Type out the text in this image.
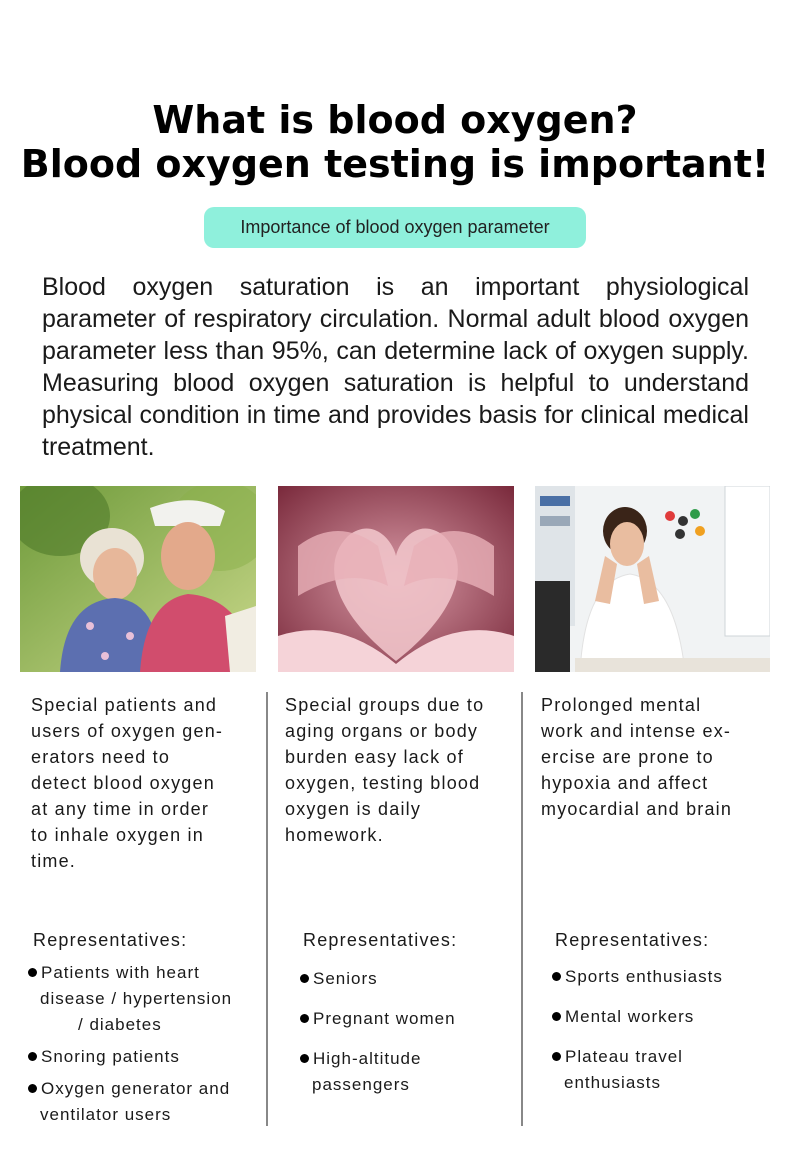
What is blood oxygen?
Blood oxygen testing is important!
Importance of blood oxygen parameter
Blood oxygen saturation is an important physiological parameter of respiratory circulation. Normal adult blood oxygen parameter less than 95%, can determine lack of oxygen supply. Measuring blood oxygen saturation is helpful to understand physical condition in time and provides basis for clinical medical treatment.
Special patients and
users of oxygen gen-
erators need to
detect blood oxygen
at any time in order
to inhale oxygen in
time.
Special groups due to
aging organs or body
burden easy lack of
oxygen, testing blood
oxygen is daily
homework.
Prolonged mental
work and intense ex-
ercise are prone to
hypoxia and affect
myocardial and brain
Representatives:	Representatives:	Representatives:
Patients with heart
disease / hypertension
/ diabetes
Snoring patients
Oxygen generator and
ventilator users
Seniors
Pregnant women
High-altitude
passengers
Sports enthusiasts
Mental workers
Plateau travel
enthusiasts
